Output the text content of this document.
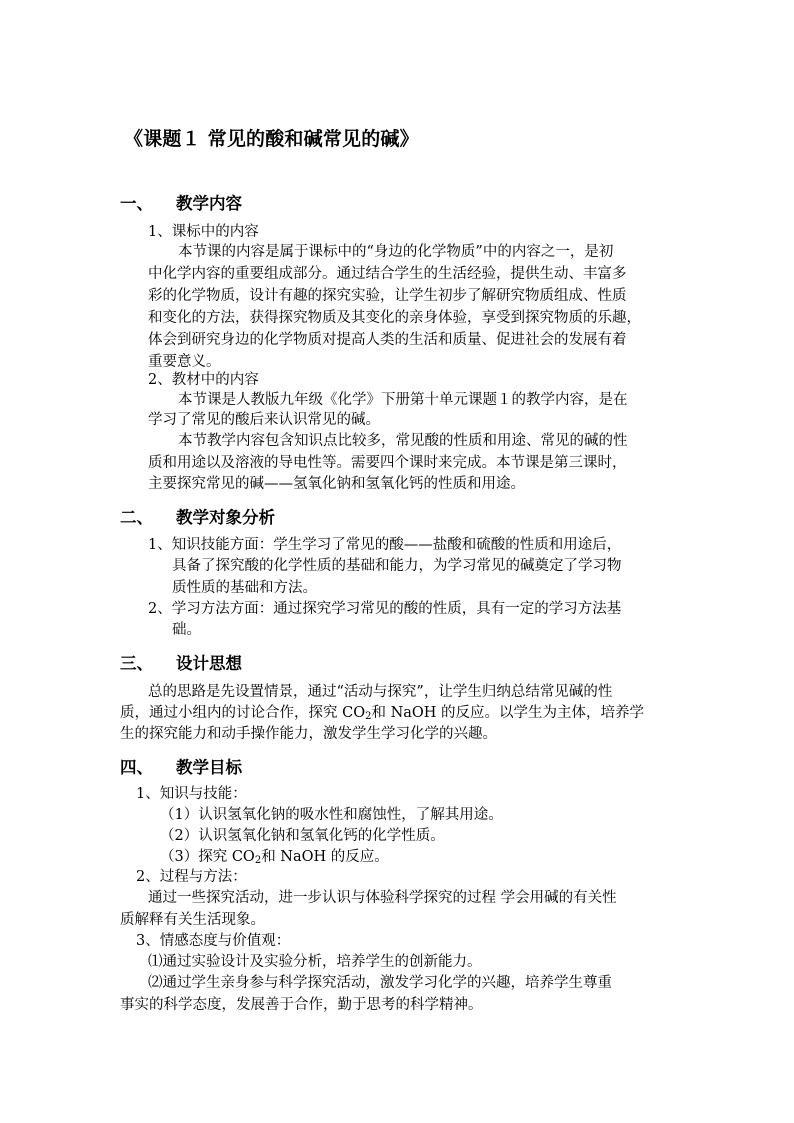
《课题１ 常见的酸和碱常见的碱》
一、 教学内容
1、课标中的内容
本节课的内容是属于课标中的“身边的化学物质”中的内容之一，是初
中化学内容的重要组成部分。通过结合学生的生活经验，提供生动、丰富多
彩的化学物质，设计有趣的探究实验，让学生初步了解研究物质组成、性质
和变化的方法，获得探究物质及其变化的亲身体验，享受到探究物质的乐趣，
体会到研究身边的化学物质对提高人类的生活和质量、促进社会的发展有着
重要意义。
2、教材中的内容
本节课是人教版九年级《化学》下册第十单元课题１的教学内容，是在
学习了常见的酸后来认识常见的碱。
本节教学内容包含知识点比较多，常见酸的性质和用途、常见的碱的性
质和用途以及溶液的导电性等。需要四个课时来完成。本节课是第三课时，
主要探究常见的碱——氢氧化钠和氢氧化钙的性质和用途。
二、 教学对象分析
1、知识技能方面：学生学习了常见的酸——盐酸和硫酸的性质和用途后，
具备了探究酸的化学性质的基础和能力，为学习常见的碱奠定了学习物
质性质的基础和方法。
2、学习方法方面：通过探究学习常见的酸的性质，具有一定的学习方法基
础。
三、 设计思想
总的思路是先设置情景，通过“活动与探究”，让学生归纳总结常见碱的性
质，通过小组内的讨论合作，探究 $CO_2$和 NaOH 的反应。以学生为主体，培养学
生的探究能力和动手操作能力，激发学生学习化学的兴趣。
四、 教学目标
1、知识与技能：
（1）认识氢氧化钠的吸水性和腐蚀性，了解其用途。
（2）认识氢氧化钠和氢氧化钙的化学性质。
（3）探究 $CO_2$和 NaOH 的反应。
2、过程与方法：
通过一些探究活动，进一步认识与体验科学探究的过程 学会用碱的有关性
质解释有关生活现象。
3、情感态度与价值观：
⑴通过实验设计及实验分析，培养学生的创新能力。
⑵通过学生亲身参与科学探究活动，激发学习化学的兴趣，培养学生尊重
事实的科学态度，发展善于合作，勤于思考的科学精神。
